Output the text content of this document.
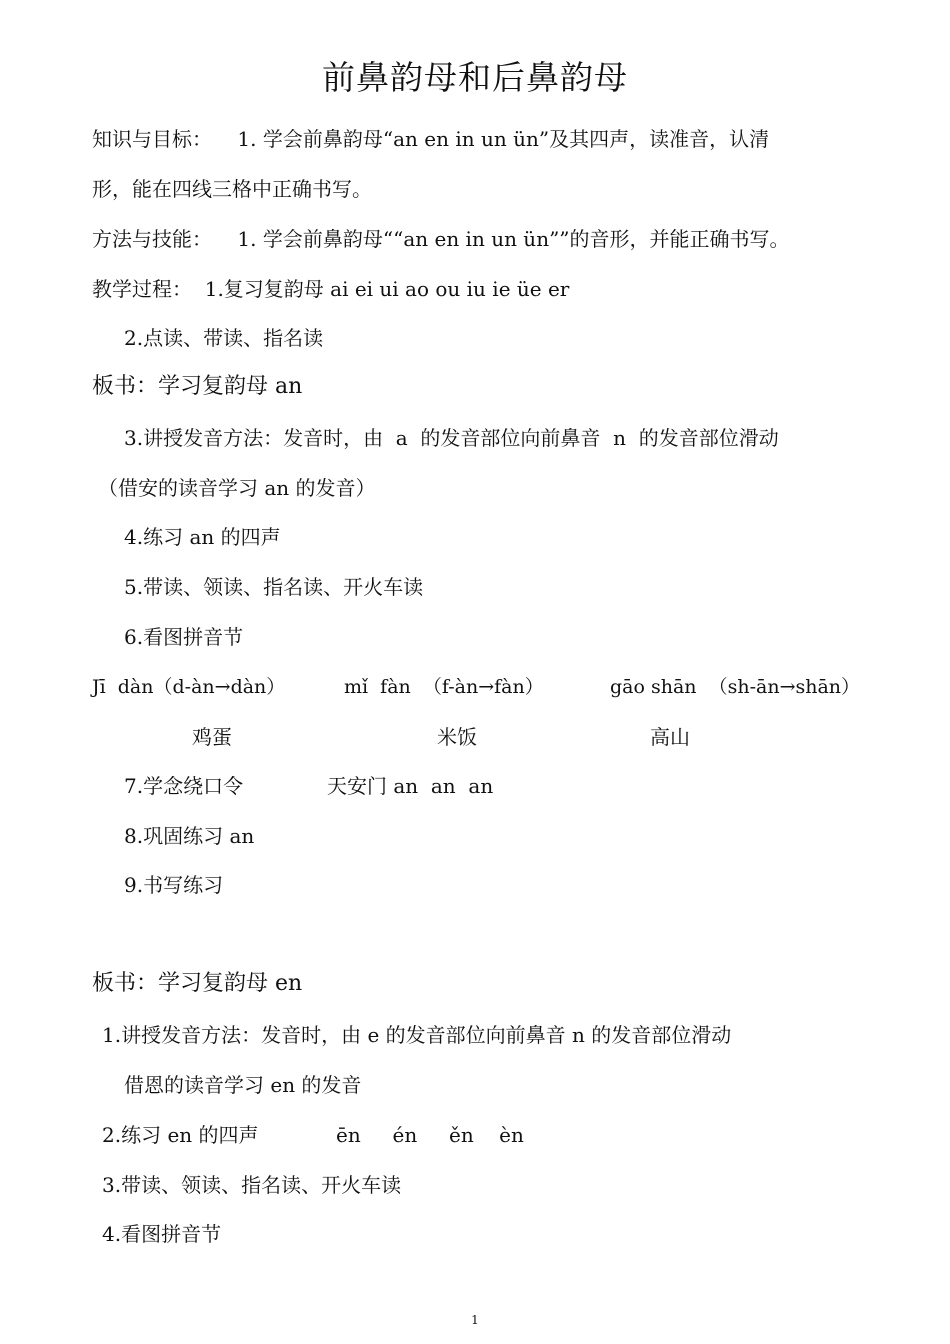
前鼻韵母和后鼻韵母
知识与目标：    1. 学会前鼻韵母“an en in un ün”及其四声，读准音，认清
形，能在四线三格中正确书写。
方法与技能：    1. 学会前鼻韵母““an en in un ün””的音形，并能正确书写。
教学过程：  1.复习复韵母 ai ei ui ao ou iu ie üe er
2.点读、带读、指名读
板书：学习复韵母 an
3.讲授发音方法：发音时，由  a  的发音部位向前鼻音  n  的发音部位滑动
（借安的读音学习 an 的发音）
4.练习 an 的四声
5.带读、领读、指名读、开火车读
6.看图拼音节
Jī  dàn（d-àn→dàn）	mǐ  fàn  （f-àn→fàn）	gāo shān  （sh-ān→shān）
鸡蛋	米饭	高山
7.学念绕口令	天安门 an  an  an
8.巩固练习 an
9.书写练习
板书：学习复韵母 en
1.讲授发音方法：发音时，由 e 的发音部位向前鼻音 n 的发音部位滑动
借恩的读音学习 en 的发音
2.练习 en 的四声	ēn     én     ěn    èn
3.带读、领读、指名读、开火车读
4.看图拼音节
1
